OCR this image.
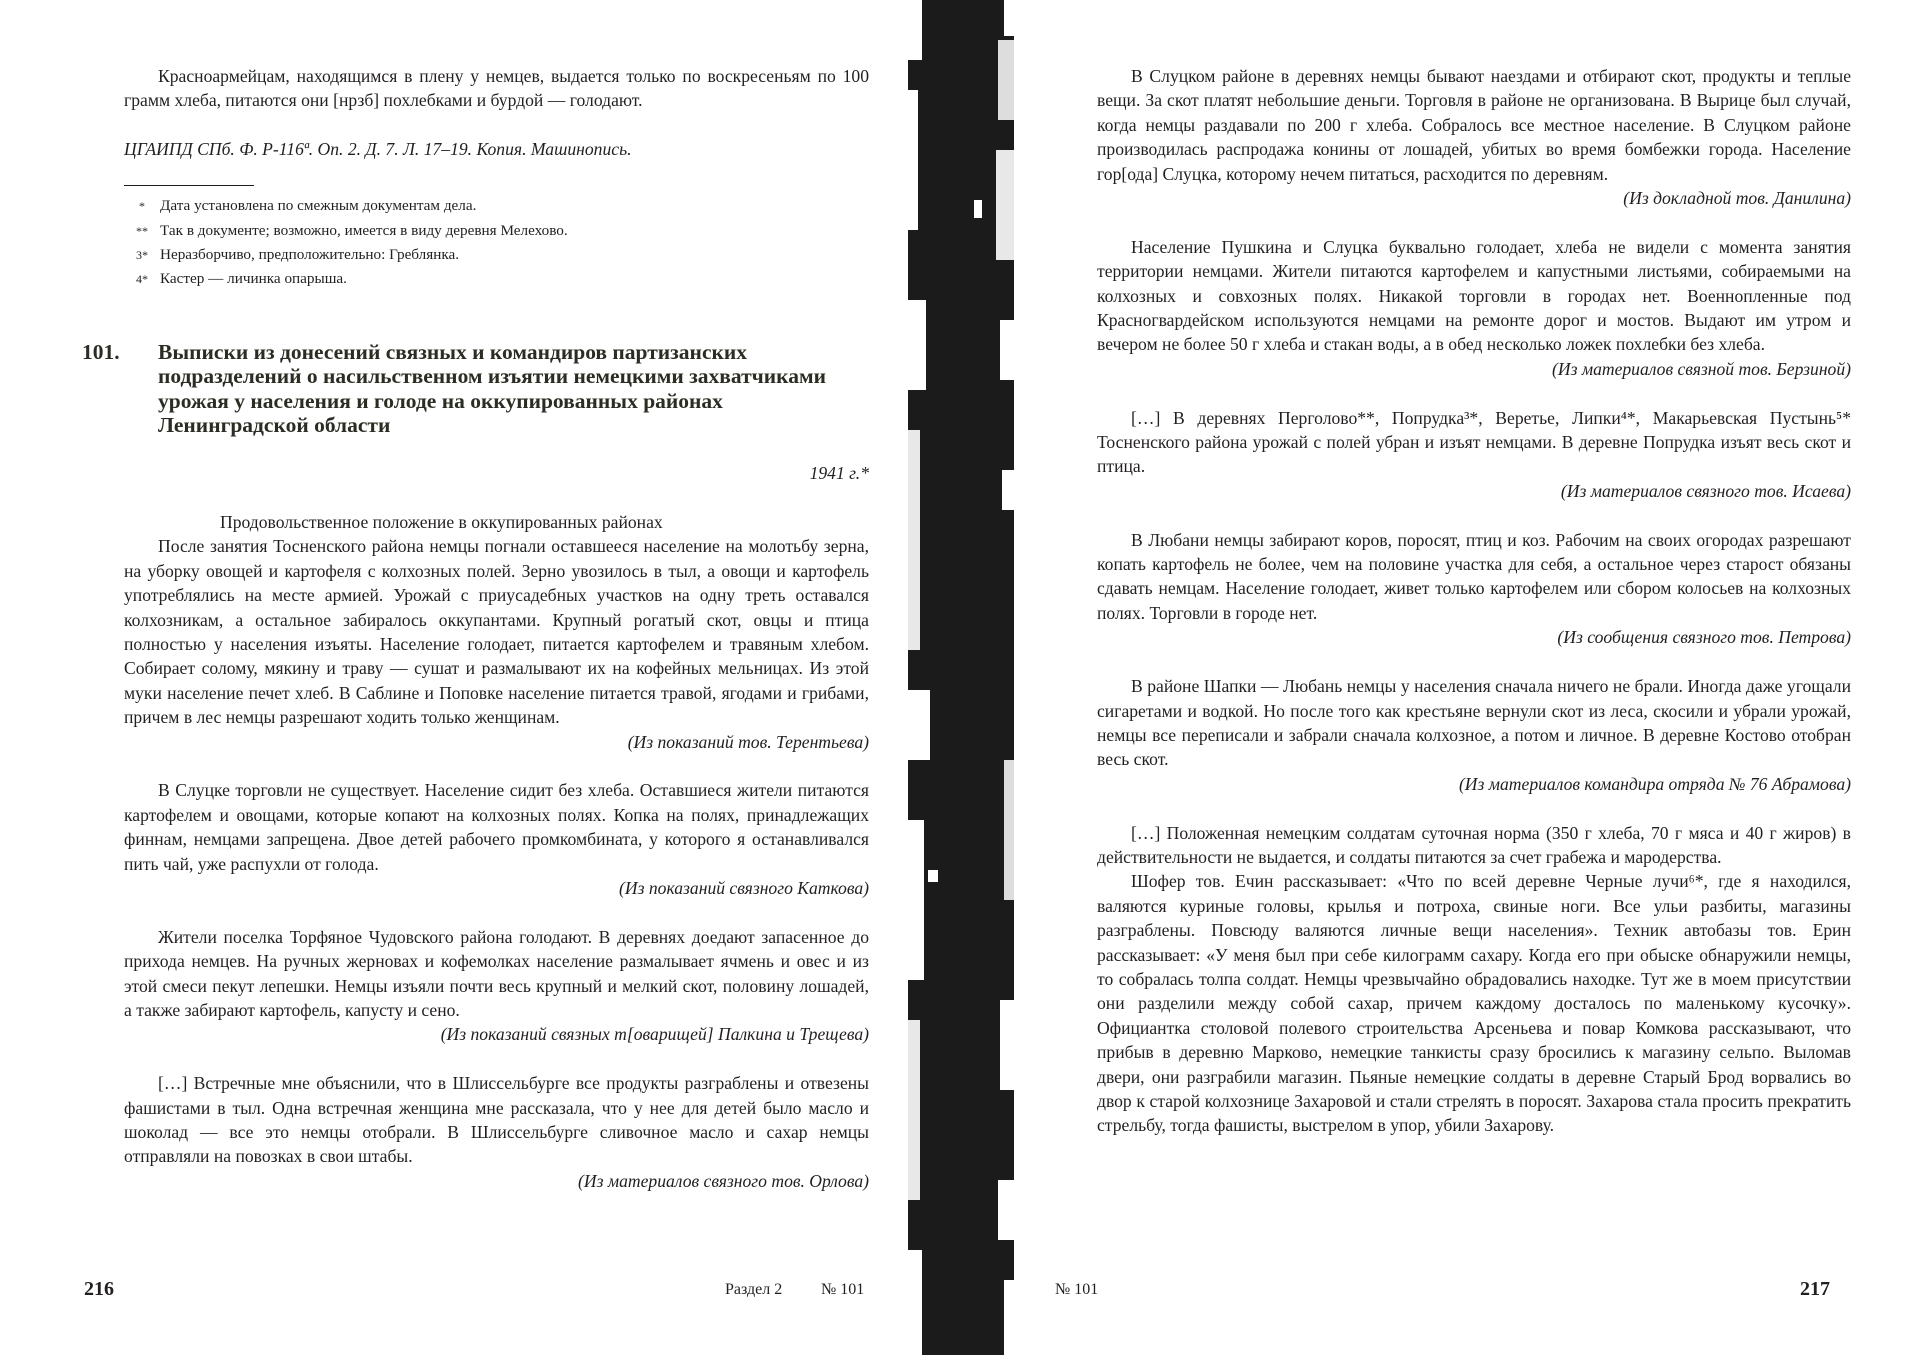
Красноармейцам, находящимся в плену у немцев, выдается только по воскресеньям по 100 грамм хлеба, питаются они [нрзб] похлебками и бурдой — голодают.

ЦГАИПД СПб. Ф. Р-116ª. Оп. 2. Д. 7. Л. 17–19. Копия. Машинопись.

* Дата установлена по смежным документам дела.
** Так в документе; возможно, имеется в виду деревня Мелехово.
3* Неразборчиво, предположительно: Греблянка.
4* Кастер — личинка опарыша.
101. Выписки из донесений связных и командиров партизанских подразделений о насильственном изъятии немецкими захватчиками урожая у населения и голоде на оккупированных районах Ленинградской области

1941 г.*

Продовольственное положение в оккупированных районах

После занятия Тосненского района немцы погнали оставшееся население на молотьбу зерна, на уборку овощей и картофеля с колхозных полей. Зерно увозилось в тыл, а овощи и картофель употреблялись на месте армией. Урожай с приусадебных участков на одну треть оставался колхозникам, а остальное забиралось оккупантами. Крупный рогатый скот, овцы и птица полностью у населения изъяты. Население голодает, питается картофелем и травяным хлебом. Собирает солому, мякину и траву — сушат и размалывают их на кофейных мельницах. Из этой муки население печет хлеб. В Саблине и Поповке население питается травой, ягодами и грибами, причем в лес немцы разрешают ходить только женщинам.

(Из показаний тов. Терентьева)

В Слуцке торговли не существует. Население сидит без хлеба. Оставшиеся жители питаются картофелем и овощами, которые копают на колхозных полях. Копка на полях, принадлежащих финнам, немцами запрещена. Двое детей рабочего промкомбината, у которого я останавливался пить чай, уже распухли от голода.

(Из показаний связного Каткова)

Жители поселка Торфяное Чудовского района голодают. В деревнях доедают запасенное до прихода немцев. На ручных жерновах и кофемолках население размалывает ячмень и овес и из этой смеси пекут лепешки. Немцы изъяли почти весь крупный и мелкий скот, половину лошадей, а также забирают картофель, капусту и сено.

(Из показаний связных т[оварищей] Палкина и Трещева)

[…] Встречные мне объяснили, что в Шлиссельбурге все продукты разграблены и отвезены фашистами в тыл. Одна встречная женщина мне рассказала, что у нее для детей было масло и шоколад — все это немцы отобрали. В Шлиссельбурге сливочное масло и сахар немцы отправляли на повозках в свои штабы.

(Из материалов связного тов. Орлова)

216	Раздел 2 № 101

В Слуцком районе в деревнях немцы бывают наездами и отбирают скот, продукты и теплые вещи. За скот платят небольшие деньги. Торговля в районе не организована. В Вырице был случай, когда немцы раздавали по 200 г хлеба. Собралось все местное население. В Слуцком районе производилась распродажа конины от лошадей, убитых во время бомбежки города. Население гор[ода] Слуцка, которому нечем питаться, расходится по деревням.

(Из докладной тов. Данилина)

Население Пушкина и Слуцка буквально голодает, хлеба не видели с момента занятия территории немцами. Жители питаются картофелем и капустными листьями, собираемыми на колхозных и совхозных полях. Никакой торговли в городах нет. Военнопленные под Красногвардейском используются немцами на ремонте дорог и мостов. Выдают им утром и вечером не более 50 г хлеба и стакан воды, а в обед несколько ложек похлебки без хлеба.

(Из материалов связной тов. Берзиной)

[…] В деревнях Перголово**, Попрудка³*, Веретье, Липки⁴*, Макарьевская Пустынь⁵* Тосненского района урожай с полей убран и изъят немцами. В деревне Попрудка изъят весь скот и птица.

(Из материалов связного тов. Исаева)

В Любани немцы забирают коров, поросят, птиц и коз. Рабочим на своих огородах разрешают копать картофель не более, чем на половине участка для себя, а остальное через старост обязаны сдавать немцам. Население голодает, живет только картофелем или сбором колосьев на колхозных полях. Торговли в городе нет.

(Из сообщения связного тов. Петрова)

В районе Шапки — Любань немцы у населения сначала ничего не брали. Иногда даже угощали сигаретами и водкой. Но после того как крестьяне вернули скот из леса, скосили и убрали урожай, немцы все переписали и забрали сначала колхозное, а потом и личное. В деревне Костово отобран весь скот.

(Из материалов командира отряда № 76 Абрамова)

[…] Положенная немецким солдатам суточная норма (350 г хлеба, 70 г мяса и 40 г жиров) в действительности не выдается, и солдаты питаются за счет грабежа и мародерства.

Шофер тов. Ечин рассказывает: «Что по всей деревне Черные лучи⁶*, где я находился, валяются куриные головы, крылья и потроха, свиные ноги. Все ульи разбиты, магазины разграблены. Повсюду валяются личные вещи населения». Техник автобазы тов. Ерин рассказывает: «У меня был при себе килограмм сахару. Когда его при обыске обнаружили немцы, то собралась толпа солдат. Немцы чрезвычайно обрадовались находке. Тут же в моем присутствии они разделили между собой сахар, причем каждому досталось по маленькому кусочку». Официантка столовой полевого строительства Арсеньева и повар Комкова рассказывают, что прибыв в деревню Марково, немецкие танкисты сразу бросились к магазину сельпо. Выломав двери, они разграбили магазин. Пьяные немецкие солдаты в деревне Старый Брод ворвались во двор к старой колхознице Захаровой и стали стрелять в поросят. Захарова стала просить прекратить стрельбу, тогда фашисты, выстрелом в упор, убили Захарову.

№ 101	217
